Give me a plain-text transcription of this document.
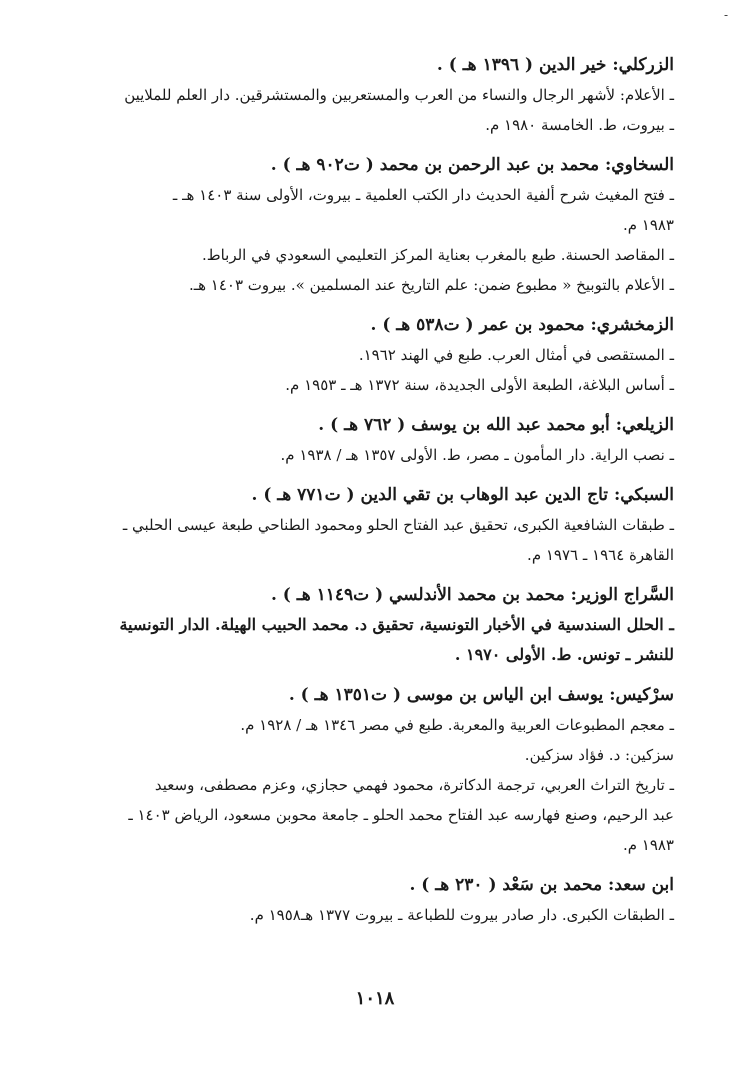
-

الزركلي: خير الدين ( ١٣٩٦ هـ ) .

ـ الأعلام: لأشهر الرجال والنساء من العرب والمستعربين والمستشرقين. دار العلم للملايين

ـ بيروت، ط. الخامسة ١٩٨٠ م.

السخاوي: محمد بن عبد الرحمن بن محمد ( ت٩٠٢ هـ ) .

ـ فتح المغيث شرح ألفية الحديث دار الكتب العلمية ـ بيروت، الأولى سنة ١٤٠٣ هـ ـ

١٩٨٣ م.

ـ المقاصد الحسنة. طبع بالمغرب بعناية المركز التعليمي السعودي في الرباط.

ـ الأعلام بالتوبيخ « مطبوع ضمن: علم التاريخ عند المسلمين ». بيروت ١٤٠٣ هـ.

الزمخشري: محمود بن عمر ( ت٥٣٨ هـ ) .

ـ المستقصى في أمثال العرب. طبع في الهند ١٩٦٢.

ـ أساس البلاغة، الطبعة الأولى الجديدة، سنة ١٣٧٢ هـ ـ ١٩٥٣ م.

الزيلعي: أبو محمد عبد الله بن يوسف ( ٧٦٢ هـ ) .

ـ نصب الراية. دار المأمون ـ مصر، ط. الأولى ١٣٥٧ هـ / ١٩٣٨ م.

السبكي: تاج الدين عبد الوهاب بن تقي الدين ( ت٧٧١ هـ ) .

ـ طبقات الشافعية الكبرى، تحقيق عبد الفتاح الحلو ومحمود الطناحي طبعة عيسى الحلبي ـ

القاهرة ١٩٦٤ ـ ١٩٧٦ م.

السَّراج الوزير: محمد بن محمد الأندلسي ( ت١١٤٩ هـ ) .

ـ الحلل السندسية في الأخبار التونسية، تحقيق د. محمد الحبيب الهيلة. الدار التونسية

للنشر ـ تونس. ط. الأولى ١٩٧٠ .

سرْكيس: يوسف ابن الياس بن موسى ( ت١٣٥١ هـ ) .

ـ معجم المطبوعات العربية والمعربة. طبع في مصر ١٣٤٦ هـ / ١٩٢٨ م.

سزكين: د. فؤاد سزكين.

ـ تاريخ التراث العربي، ترجمة الدكاترة، محمود فهمي حجازي، وعزم مصطفى، وسعيد

عبد الرحيم، وصنع فهارسه عبد الفتاح محمد الحلو ـ جامعة محوبن مسعود، الرياض ١٤٠٣ ـ

١٩٨٣ م.

ابن سعد: محمد بن سَعْد ( ٢٣٠ هـ ) .

ـ الطبقات الكبرى. دار صادر بيروت للطباعة ـ بيروت ١٣٧٧ هـ١٩٥٨ م.

١٠١٨
